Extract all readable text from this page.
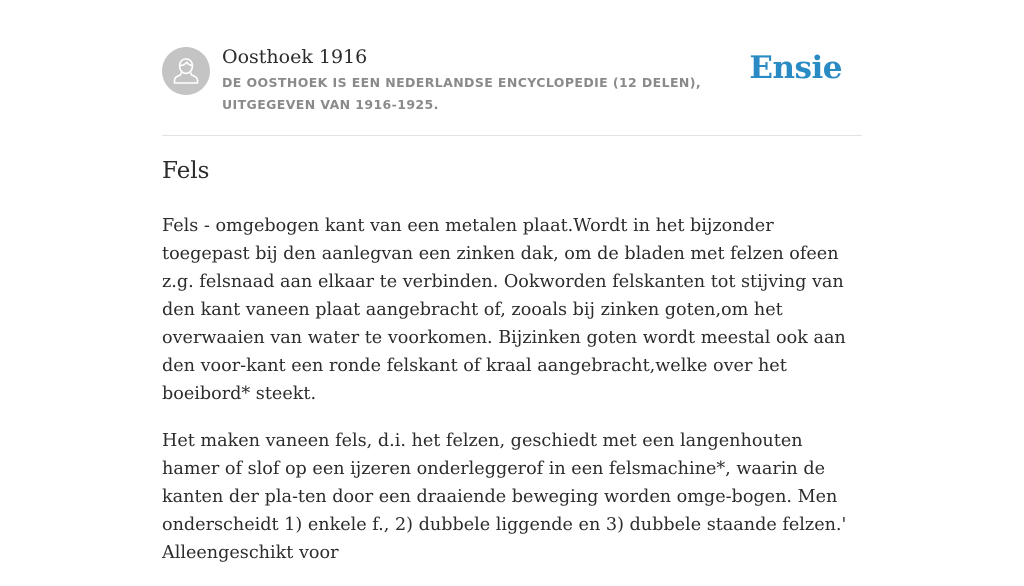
Oosthoek 1916
DE OOSTHOEK IS EEN NEDERLANDSE ENCYCLOPEDIE (12 DELEN), UITGEGEVEN VAN 1916-1925.
Ensie
Fels

Fels - omgebogen kant van een metalen plaat.Wordt in het bijzonder toegepast bij den aanlegvan een zinken dak, om de bladen met felzen ofeen z.g. felsnaad aan elkaar te verbinden. Ookworden felskanten tot stijving van den kant vaneen plaat aangebracht of, zooals bij zinken goten,om het overwaaien van water te voorkomen. Bijzinken goten wordt meestal ook aan den voor-kant een ronde felskant of kraal aangebracht,welke over het boeibord* steekt.

Het maken vaneen fels, d.i. het felzen, geschiedt met een langenhouten hamer of slof op een ijzeren onderleggerof in een felsmachine*, waarin de kanten der pla-ten door een draaiende beweging worden omge-bogen. Men onderscheidt 1) enkele f., 2) dubbele liggende en 3) dubbele staande felzen.' Alleengeschikt voor
